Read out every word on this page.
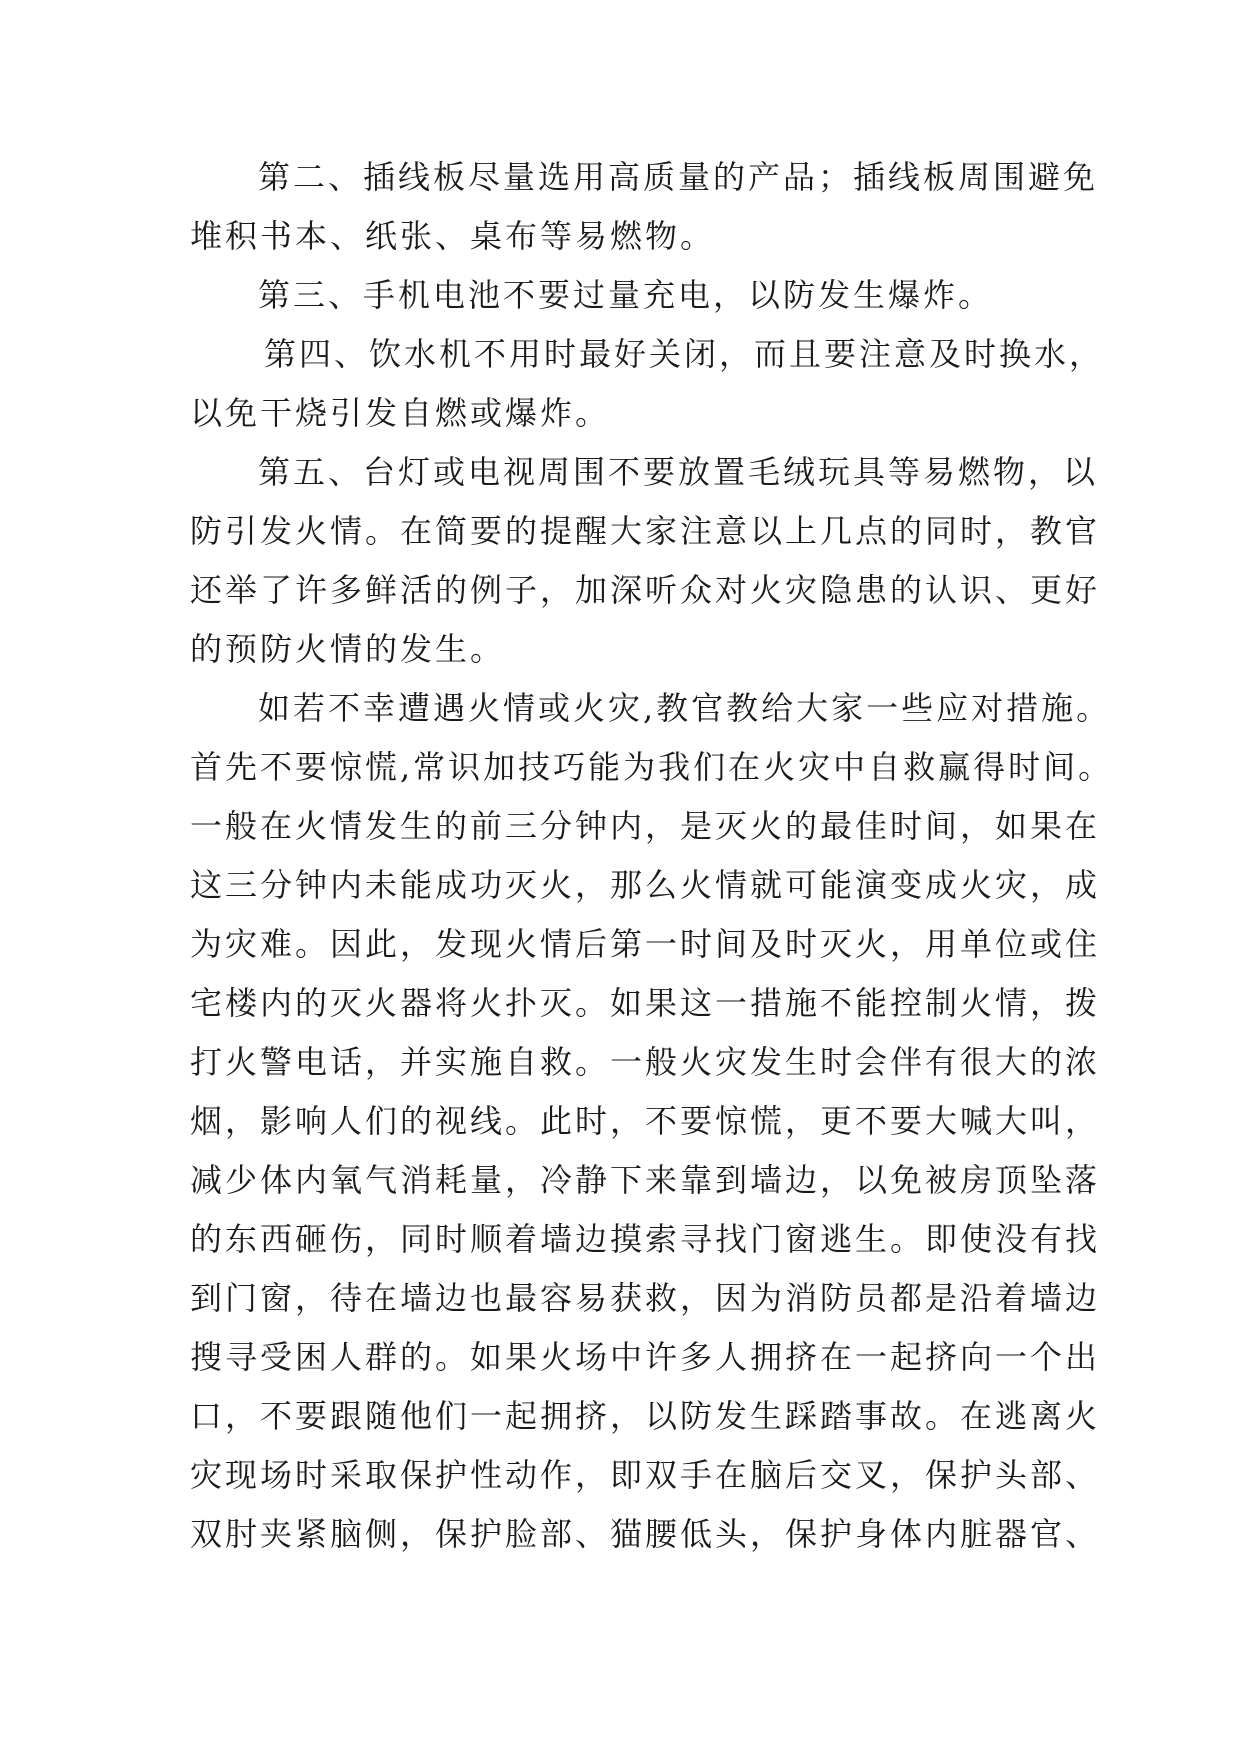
第二、插线板尽量选用高质量的产品；插线板周围避免
堆积书本、纸张、桌布等易燃物。
第三、手机电池不要过量充电，以防发生爆炸。
第四、饮水机不用时最好关闭，而且要注意及时换水，
以免干烧引发自燃或爆炸。
第五、台灯或电视周围不要放置毛绒玩具等易燃物，以
防引发火情。在简要的提醒大家注意以上几点的同时，教官
还举了许多鲜活的例子，加深听众对火灾隐患的认识、更好
的预防火情的发生。
如若不幸遭遇火情或火灾,教官教给大家一些应对措施。
首先不要惊慌,常识加技巧能为我们在火灾中自救赢得时间。
一般在火情发生的前三分钟内，是灭火的最佳时间，如果在
这三分钟内未能成功灭火，那么火情就可能演变成火灾，成
为灾难。因此，发现火情后第一时间及时灭火，用单位或住
宅楼内的灭火器将火扑灭。如果这一措施不能控制火情，拨
打火警电话，并实施自救。一般火灾发生时会伴有很大的浓
烟，影响人们的视线。此时，不要惊慌，更不要大喊大叫，
减少体内氧气消耗量，冷静下来靠到墙边，以免被房顶坠落
的东西砸伤，同时顺着墙边摸索寻找门窗逃生。即使没有找
到门窗，待在墙边也最容易获救，因为消防员都是沿着墙边
搜寻受困人群的。如果火场中许多人拥挤在一起挤向一个出
口，不要跟随他们一起拥挤，以防发生踩踏事故。在逃离火
灾现场时采取保护性动作，即双手在脑后交叉，保护头部、
双肘夹紧脑侧，保护脸部、猫腰低头，保护身体内脏器官、
